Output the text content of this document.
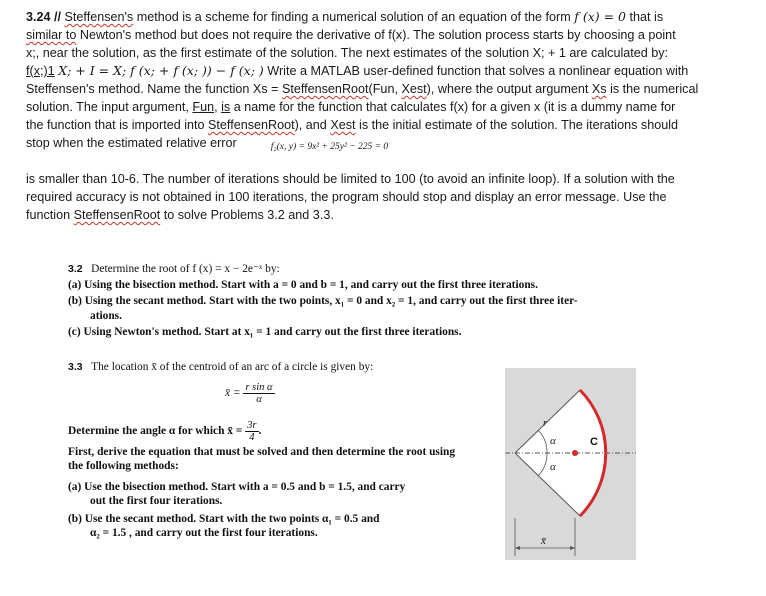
3.24 // Steffensen's method is a scheme for finding a numerical solution of an equation of the form f (x) = 0 that is

similar to Newton's method but does not require the derivative of f(x). The solution process starts by choosing a point

x;, near the solution, as the first estimate of the solution. The next estimates of the solution X; + 1 are calculated by:

f(x;)1 X; + I = X; f (x; + f (x; )) − f (x; ) Write a MATLAB user-defined function that solves a nonlinear equation with

Steffensen's method. Name the function Xs = SteffensenRoot(Fun, Xest), where the output argument Xs is the numerical

solution. The input argument, Fun, is a name for the function that calculates f(x) for a given x (it is a dummy name for

the function that is imported into SteffensenRoot), and Xest is the initial estimate of the solution. The iterations should

stop when the estimated relative error	f₂(x, y) = 9x² + 25y² − 225 = 0

is smaller than 10-6. The number of iterations should be limited to 100 (to avoid an infinite loop). If a solution with the

required accuracy is not obtained in 100 iterations, the program should stop and display an error message. Use the

function SteffensenRoot to solve Problems 3.2 and 3.3.

3.2 Determine the root of f (x) = x − 2e⁻ˣ by:
(a) Using the bisection method. Start with a = 0 and b = 1, and carry out the first three iterations.
(b) Using the secant method. Start with the two points, x₁ = 0 and x₂ = 1, and carry out the first three iter-
ations.
(c) Using Newton's method. Start at x₁ = 1 and carry out the first three iterations.
3.3 The location x̄ of the centroid of an arc of a circle is given by:
x̄ = $\frac{\text{r sin α}}{\alpha}$
Determine the angle α for which x̄ = $\frac{3r}{4}$ .
First, derive the equation that must be solved and then determine the root using
the following methods:
(a) Use the bisection method. Start with a = 0.5 and b = 1.5, and carry
out the first four iterations.
(b) Use the secant method. Start with the two points α₁ = 0.5 and
α₂ = 1.5 , and carry out the first four iterations.
r
α
α
C
x̄
